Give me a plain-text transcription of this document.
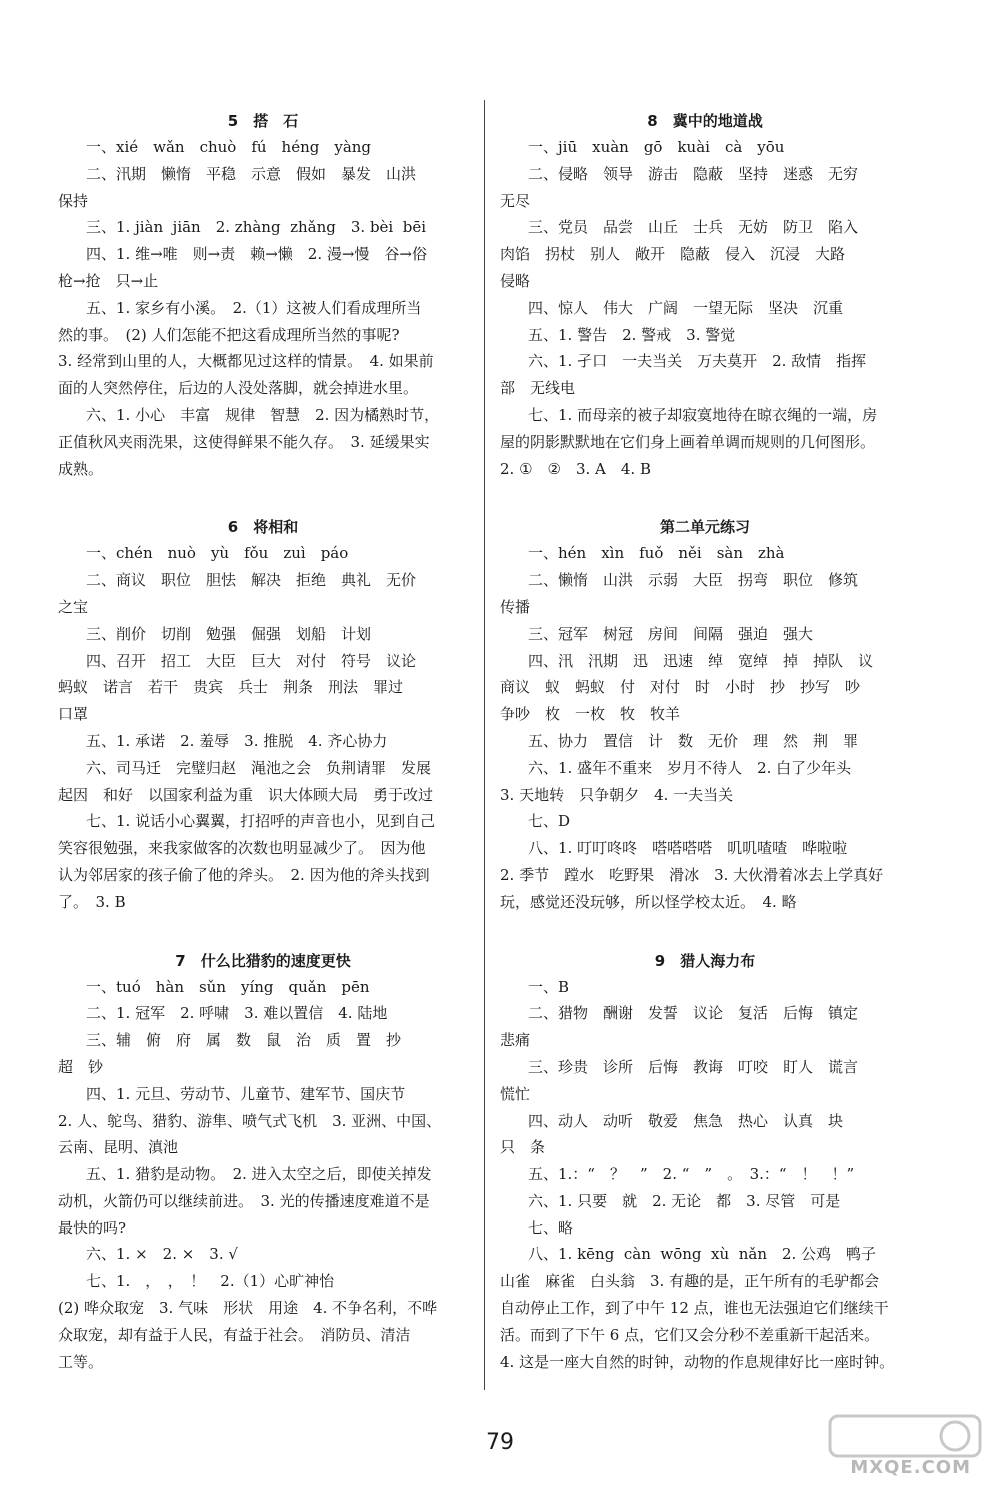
5　搭　石
一、xié　wǎn　chuò　fú　héng　yàng
二、汛期　懒惰　平稳　示意　假如　暴发　山洪
保持
三、1. jiàn  jiān　2. zhàng  zhǎng　3. bèi  bēi
四、1. 维→唯　则→责　赖→懒　2. 漫→慢　谷→俗
枪→抢　只→止
五、1. 家乡有小溪。　2.（1）这被人们看成理所当
然的事。　(2) 人们怎能不把这看成理所当然的事呢?
3. 经常到山里的人，大概都见过这样的情景。　4. 如果前
面的人突然停住，后边的人没处落脚，就会掉进水里。
六、1. 小心　丰富　规律　智慧　2. 因为橘熟时节，
正值秋风夹雨洗果，这使得鲜果不能久存。　3. 延缓果实
成熟。
6　将相和
一、chén　nuò　yù　fǒu　zuì　páo
二、商议　职位　胆怯　解决　拒绝　典礼　无价
之宝
三、削价　切削　勉强　倔强　划船　计划
四、召开　招工　大臣　巨大　对付　符号　议论
蚂蚁　诺言　若干　贵宾　兵士　荆条　刑法　罪过
口罩
五、1. 承诺　2. 羞辱　3. 推脱　4. 齐心协力
六、司马迁　完璧归赵　渑池之会　负荆请罪　发展
起因　和好　以国家利益为重　识大体顾大局　勇于改过
七、1. 说话小心翼翼，打招呼的声音也小，见到自己
笑容很勉强，来我家做客的次数也明显减少了。　因为他
认为邻居家的孩子偷了他的斧头。　2. 因为他的斧头找到
了。　3. B
7　什么比猎豹的速度更快
一、tuó　hàn　sǔn　yíng　quǎn　pēn
二、1. 冠军　2. 呼啸　3. 难以置信　4. 陆地
三、辅　俯　府　属　数　鼠　治　质　置　抄
超　钞
四、1. 元旦、劳动节、儿童节、建军节、国庆节
2. 人、鸵鸟、猎豹、游隼、喷气式飞机　3. 亚洲、中国、
云南、昆明、滇池
五、1. 猎豹是动物。　2. 进入太空之后，即使关掉发
动机，火箭仍可以继续前进。　3. 光的传播速度难道不是
最快的吗?
六、1. ×　2. ×　3. √
七、1.　，　，　！　2.（1）心旷神怡
(2) 哗众取宠　3. 气味　形状　用途　4. 不争名利，不哗
众取宠，却有益于人民，有益于社会。　消防员、清洁
工等。
8　冀中的地道战
一、jiū　xuàn　gō　kuài　cà　yōu
二、侵略　领导　游击　隐蔽　坚持　迷惑　无穷
无尽
三、党员　品尝　山丘　士兵　无妨　防卫　陷入
肉馅　拐杖　别人　敞开　隐蔽　侵入　沉浸　大路
侵略
四、惊人　伟大　广阔　一望无际　坚决　沉重
五、1. 警告　2. 警戒　3. 警觉
六、1. 孑口　一夫当关　万夫莫开　2. 敌情　指挥
部　无线电
七、1. 而母亲的被子却寂寞地待在晾衣绳的一端，房
屋的阴影默默地在它们身上画着单调而规则的几何图形。
2. ①　②　3. A　4. B
第二单元练习
一、hén　xìn　fuǒ　něi　sàn　zhà
二、懒惰　山洪　示弱　大臣　拐弯　职位　修筑
传播
三、冠军　树冠　房间　间隔　强迫　强大
四、汛　汛期　迅　迅速　绰　宽绰　掉　掉队　议
商议　蚁　蚂蚁　付　对付　时　小时　抄　抄写　吵
争吵　枚　一枚　牧　牧羊
五、协力　置信　计　数　无价　理　然　荆　罪
六、1. 盛年不重来　岁月不待人　2. 白了少年头
3. 天地转　只争朝夕　4. 一夫当关
七、D
八、1. 叮叮咚咚　嗒嗒嗒嗒　叽叽喳喳　哗啦啦
2. 季节　蹚水　吃野果　滑冰　3. 大伙滑着冰去上学真好
玩，感觉还没玩够，所以怪学校太近。　4. 略
9　猎人海力布
一、B
二、猎物　酬谢　发誓　议论　复活　后悔　镇定
悲痛
三、珍贵　诊所　后悔　教诲　叮咬　盯人　谎言
慌忙
四、动人　动听　敬爱　焦急　热心　认真　块
只　条
五、1.：“　？　”　2. “　”　。　3.：“　！　！”
六、1. 只要　就　2. 无论　都　3. 尽管　可是
七、略
八、1. kēng  càn  wōng  xù  nǎn　2. 公鸡　鸭子
山雀　麻雀　白头翁　3. 有趣的是，正午所有的毛驴都会
自动停止工作，到了中午 12 点，谁也无法强迫它们继续干
活。而到了下午 6 点，它们又会分秒不差重新干起活来。
4. 这是一座大自然的时钟，动物的作息规律好比一座时钟。
79
MXQE.COM
